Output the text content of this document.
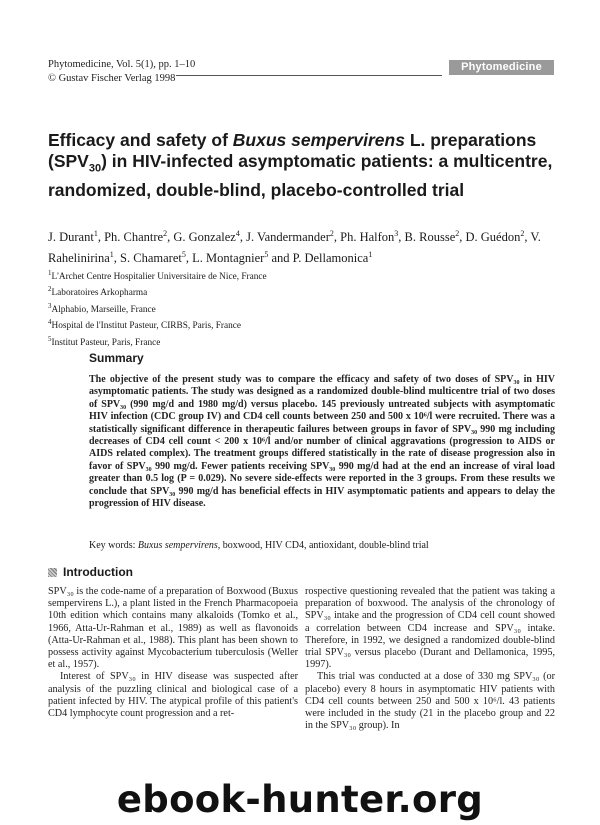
Phytomedicine, Vol. 5(1), pp. 1–10
© Gustav Fischer Verlag 1998
Phytomedicine
Efficacy and safety of Buxus sempervirens L. preparations $(SPV_{30})$ in HIV-infected asymptomatic patients: a multicentre, randomized, double-blind, placebo-controlled trial
J. Durant$^1$, Ph. Chantre$^2$, G. Gonzalez$^4$, J. Vandermander$^2$, Ph. Halfon$^3$, B. Rousse$^2$, D. Guédon$^2$, V. Rahelinirina$^1$, S. Chamaret$^5$, L. Montagnier$^5$ and P. Dellamonica$^1$
$^1$L'Archet Centre Hospitalier Universitaire de Nice, France
$^2$Laboratoires Arkopharma
$^3$Alphabio, Marseille, France
$^4$Hospital de l'Institut Pasteur, CIRBS, Paris, France
$^5$Institut Pasteur, Paris, France
Summary

The objective of the present study was to compare the efficacy and safety of two doses of SPV₃₀ in HIV asymptomatic patients. The study was designed as a randomized double-blind multicentre trial of two doses of SPV₃₀ (990 mg/d and 1980 mg/d) versus placebo. 145 previously untreated subjects with asymptomatic HIV infection (CDC group IV) and CD4 cell counts between 250 and 500 x 10⁶/l were recruited. There was a statistically significant difference in therapeutic failures between groups in favor of SPV₃₀ 990 mg including decreases of CD4 cell count < 200 x 10⁶/l and/or number of clinical aggravations (progression to AIDS or AIDS related complex). The treatment groups differed statistically in the rate of disease progression also in favor of SPV₃₀ 990 mg/d. Fewer patients receiving SPV₃₀ 990 mg/d had at the end an increase of viral load greater than 0.5 log (P = 0.029). No severe side-effects were reported in the 3 groups. From these results we conclude that SPV₃₀ 990 mg/d has beneficial effects in HIV asymptomatic patients and appears to delay the progression of HIV disease.

Key words: Buxus sempervirens, boxwood, HIV CD4, antioxidant, double-blind trial
Introduction

SPV₃₀ is the code-name of a preparation of Boxwood (Buxus sempervirens L.), a plant listed in the French Pharmacopoeia 10th edition which contains many alkaloids (Tomko et al., 1966, Atta-Ur-Rahman et al., 1989) as well as flavonoids (Atta-Ur-Rahman et al., 1988). This plant has been shown to possess activity against Mycobacterium tuberculosis (Weller et al., 1957).

Interest of SPV₃₀ in HIV disease was suspected after analysis of the puzzling clinical and biological case of a patient infected by HIV. The atypical profile of this patient's CD4 lymphocyte count progression and a ret-

rospective questioning revealed that the patient was taking a preparation of boxwood. The analysis of the chronology of SPV₃₀ intake and the progression of CD4 cell count showed a correlation between CD4 increase and SPV₃₀ intake. Therefore, in 1992, we designed a randomized double-blind trial SPV₃₀ versus placebo (Durant and Dellamonica, 1995, 1997).

This trial was conducted at a dose of 330 mg SPV₃₀ (or placebo) every 8 hours in asymptomatic HIV patients with CD4 cell counts between 250 and 500 x 10⁶/l. 43 patients were included in the study (21 in the placebo group and 22 in the SPV₃₀ group). In

ebook-hunter.org
